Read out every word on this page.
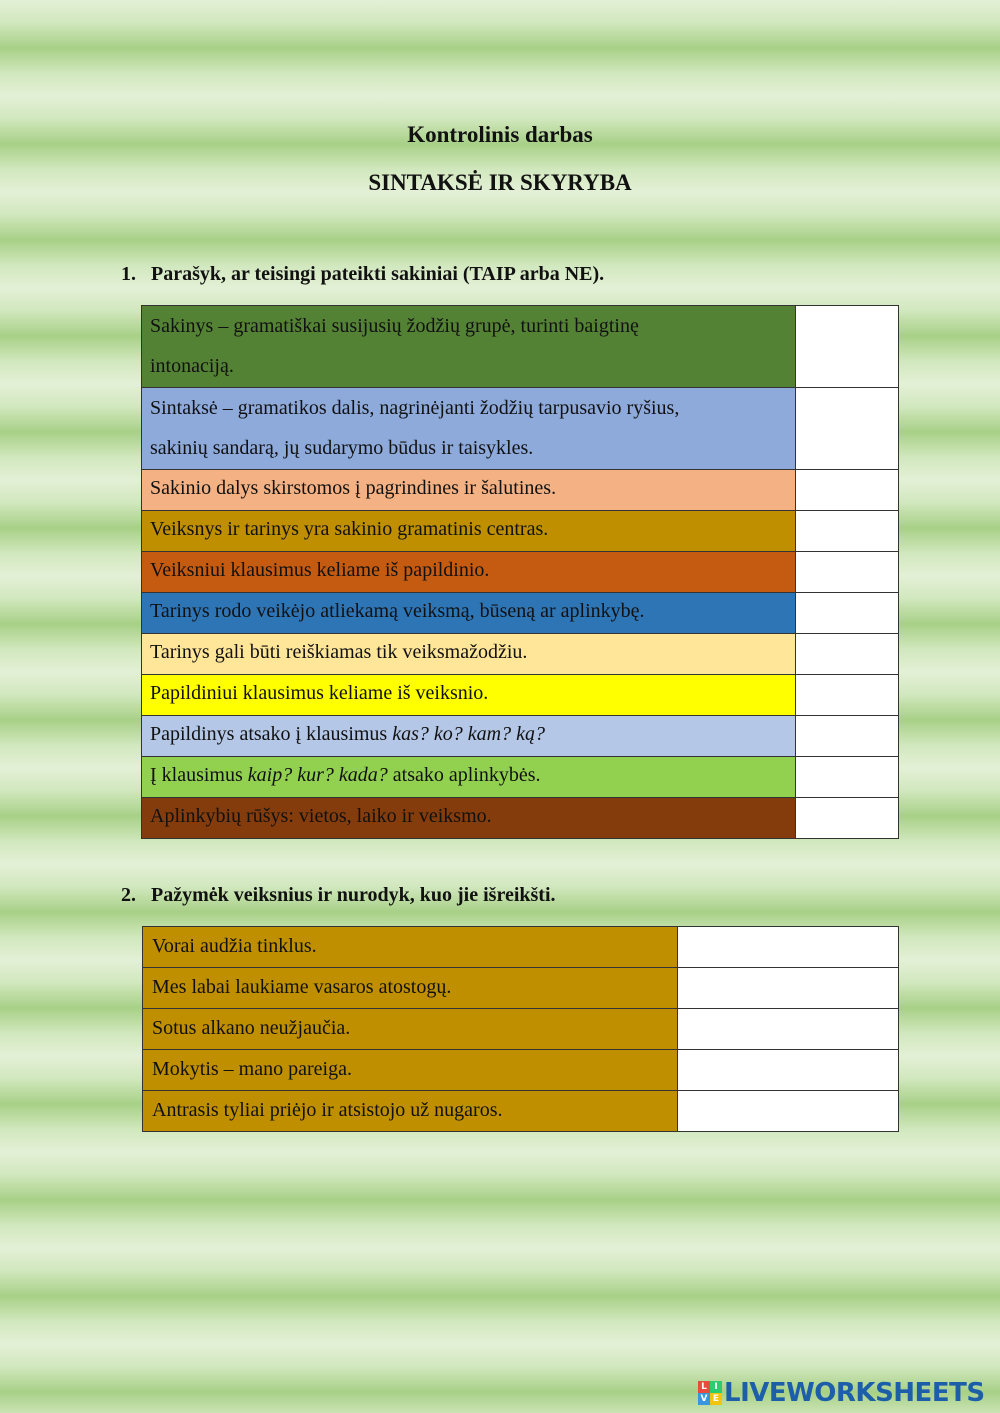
Kontrolinis darbas
SINTAKSĖ IR SKYRYBA
1. Parašyk, ar teisingi pateikti sakiniai (TAIP arba NE).
Sakinys – gramatiškai susijusių žodžių grupė, turinti baigtinę
intonaciją.	

Sintaksė – gramatikos dalis, nagrinėjanti žodžių tarpusavio ryšius,
sakinių sandarą, jų sudarymo būdus ir taisykles.	

Sakinio dalys skirstomos į pagrindines ir šalutines.	

Veiksnys ir tarinys yra sakinio gramatinis centras.	

Veiksniui klausimus keliame iš papildinio.	

Tarinys rodo veikėjo atliekamą veiksmą, būseną ar aplinkybę.	

Tarinys gali būti reiškiamas tik veiksmažodžiu.	

Papildiniui klausimus keliame iš veiksnio.	

Papildinys atsako į klausimus kas? ko? kam? ką?	

Į klausimus kaip? kur? kada? atsako aplinkybės.	

Aplinkybių rūšys: vietos, laiko ir veiksmo.	

2. Pažymėk veiksnius ir nurodyk, kuo jie išreikšti.
Vorai audžia tinklus.	
Mes labai laukiame vasaros atostogų.	
Sotus alkano neužjaučia.	
Mokytis – mano pareiga.	
Antrasis tyliai priėjo ir atsistojo už nugaros.	
L I
V E LIVEWORKSHEETS
